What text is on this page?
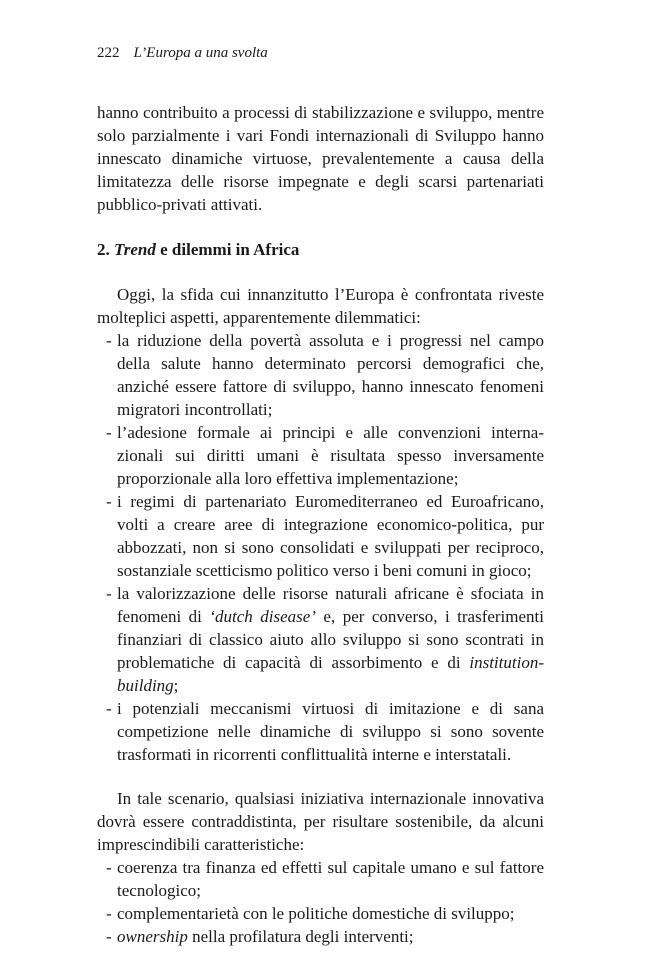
222 L’Europa a una svolta

hanno contribuito a processi di stabilizzazione e sviluppo, mentre solo parzialmente i vari Fondi internazionali di Sviluppo hanno innescato dinamiche virtuose, prevalentemente a causa della limitatezza delle risorse impegnate e degli scarsi partenariati pubblico-privati attivati.

2. Trend e dilemmi in Africa

Oggi, la sfida cui innanzitutto l’Europa è confrontata riveste molteplici aspetti, apparentemente dilemmatici:

- la riduzione della povertà assoluta e i progressi nel campo della salute hanno determinato percorsi demografici che, anziché essere fattore di sviluppo, hanno innescato fenomeni migratori incontrollati;
- l’adesione formale ai principi e alle convenzioni interna-zionali sui diritti umani è risultata spesso inversamente proporzionale alla loro effettiva implementazione;
- i regimi di partenariato Euromediterraneo ed Euroafricano, volti a creare aree di integrazione economico-politica, pur abbozzati, non si sono consolidati e sviluppati per reciproco, sostanziale scetticismo politico verso i beni comuni in gioco;
- la valorizzazione delle risorse naturali africane è sfociata in fenomeni di ‘dutch disease’ e, per converso, i trasferimenti finanziari di classico aiuto allo sviluppo si sono scontrati in problematiche di capacità di assorbimento e di institution-building;
- i potenziali meccanismi virtuosi di imitazione e di sana competizione nelle dinamiche di sviluppo si sono sovente trasformati in ricorrenti conflittualità interne e interstatali.

In tale scenario, qualsiasi iniziativa internazionale innovativa dovrà essere contraddistinta, per risultare sostenibile, da alcuni imprescindibili caratteristiche:

- coerenza tra finanza ed effetti sul capitale umano e sul fattore tecnologico;
- complementarietà con le politiche domestiche di sviluppo;
- ownership nella profilatura degli interventi;
